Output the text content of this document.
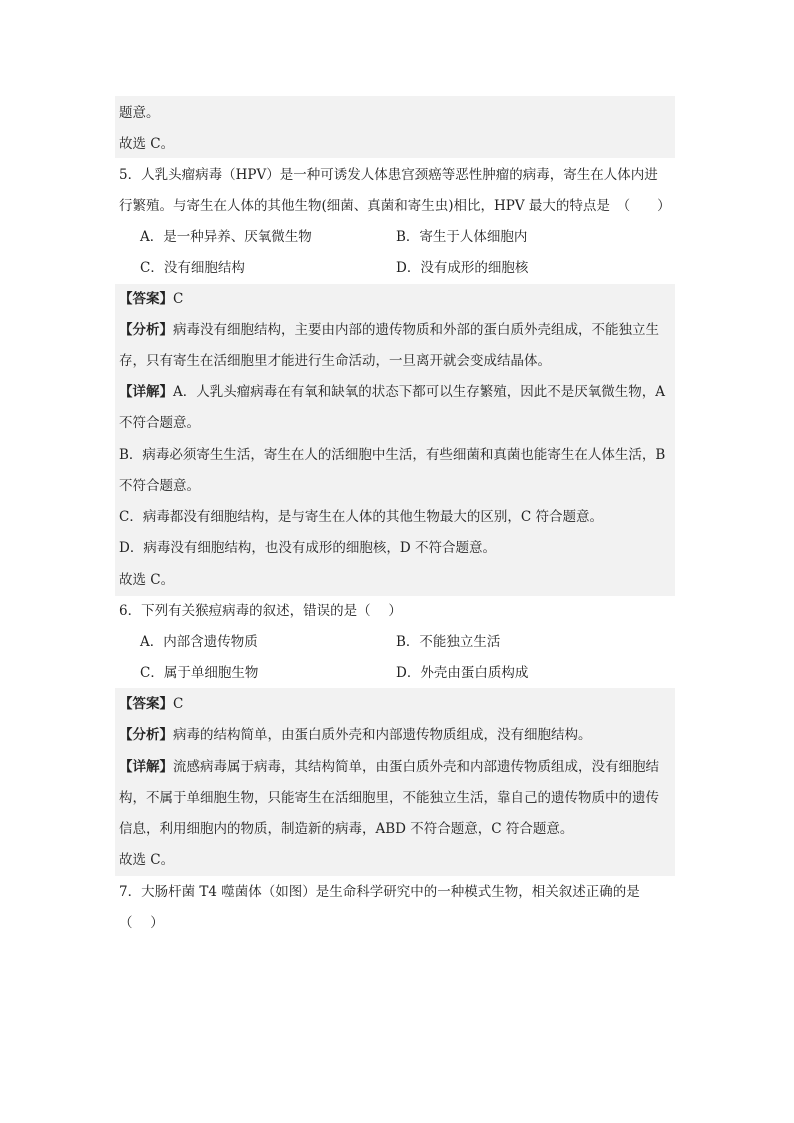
题意。
故选 C。
5．人乳头瘤病毒（HPV）是一种可诱发人体患宫颈癌等恶性肿瘤的病毒，寄生在人体内进
行繁殖。与寄生在人体的其他生物(细菌、真菌和寄生虫)相比，HPV 最大的特点是　（　　）
A．是一种异养、厌氧微生物	B．寄生于人体细胞内
C．没有细胞结构	D．没有成形的细胞核
【答案】C
【分析】病毒没有细胞结构，主要由内部的遗传物质和外部的蛋白质外壳组成，不能独立生
存，只有寄生在活细胞里才能进行生命活动，一旦离开就会变成结晶体。
【详解】A．人乳头瘤病毒在有氧和缺氧的状态下都可以生存繁殖，因此不是厌氧微生物，A
不符合题意。
B．病毒必须寄生生活，寄生在人的活细胞中生活，有些细菌和真菌也能寄生在人体生活，B
不符合题意。
C．病毒都没有细胞结构，是与寄生在人体的其他生物最大的区别，C 符合题意。
D．病毒没有细胞结构，也没有成形的细胞核，D 不符合题意。
故选 C。
6．下列有关猴痘病毒的叙述，错误的是（　 ）
A．内部含遗传物质	B．不能独立生活
C．属于单细胞生物	D．外壳由蛋白质构成
【答案】C
【分析】病毒的结构简单，由蛋白质外壳和内部遗传物质组成，没有细胞结构。
【详解】流感病毒属于病毒，其结构简单，由蛋白质外壳和内部遗传物质组成，没有细胞结
构，不属于单细胞生物，只能寄生在活细胞里，不能独立生活，靠自己的遗传物质中的遗传
信息，利用细胞内的物质，制造新的病毒，ABD 不符合题意，C 符合题意。
故选 C。
7．大肠杆菌 T4 噬菌体（如图）是生命科学研究中的一种模式生物，相关叙述正确的是
（　 ）
